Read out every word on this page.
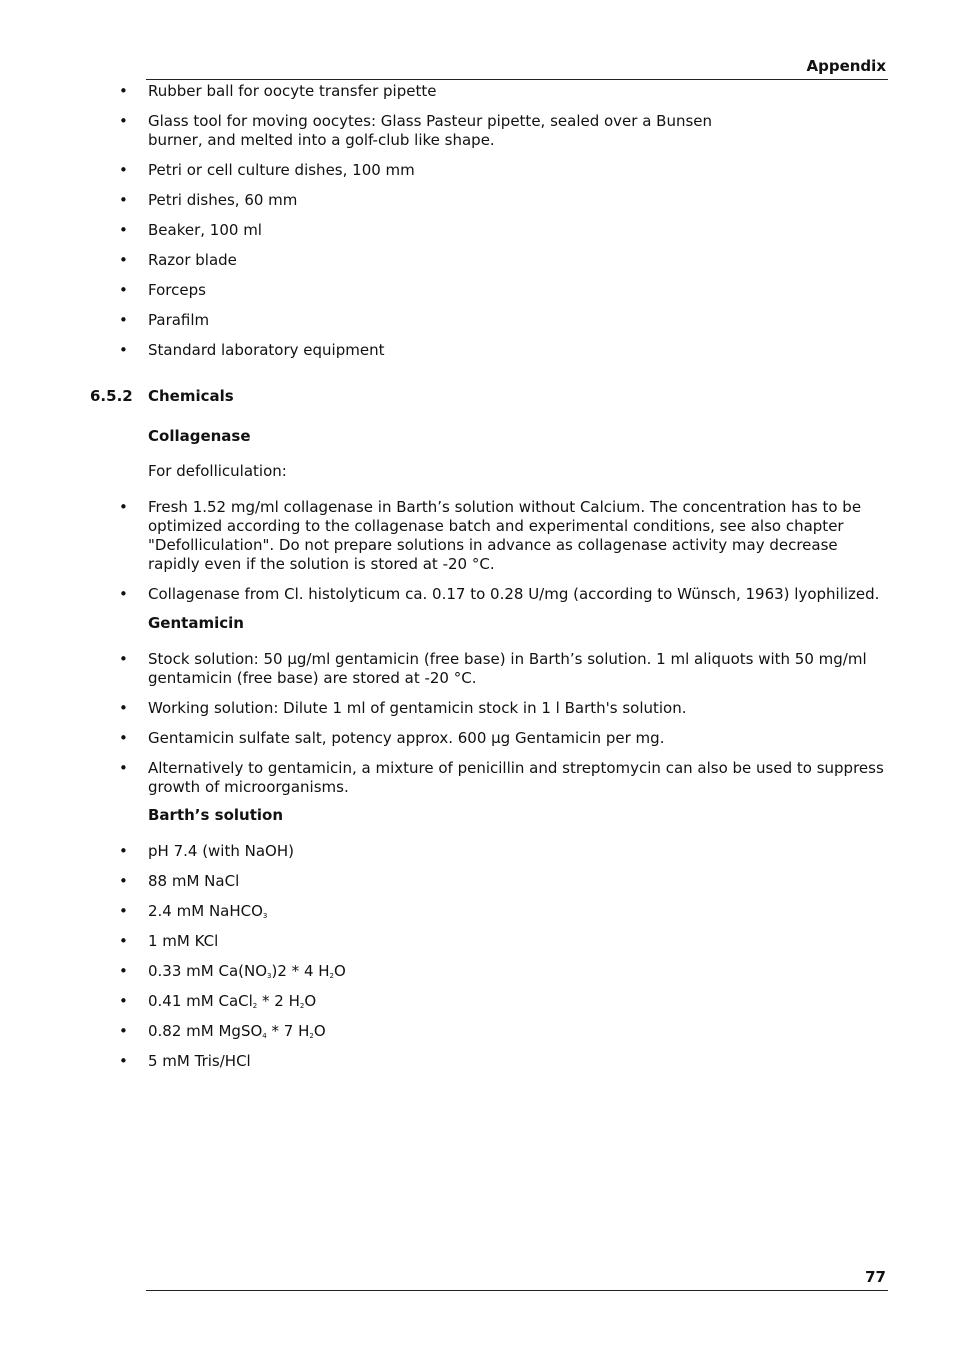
Appendix
• Rubber ball for oocyte transfer pipette
• Glass tool for moving oocytes: Glass Pasteur pipette, sealed over a Bunsen burner, and melted into a golf-club like shape.
• Petri or cell culture dishes, 100 mm
• Petri dishes, 60 mm
• Beaker, 100 ml
• Razor blade
• Forceps
• Parafilm
• Standard laboratory equipment
6.5.2 Chemicals
Collagenase
For defolliculation:
• Fresh 1.52 mg/ml collagenase in Barth’s solution without Calcium. The concentration has to be optimized according to the collagenase batch and experimental conditions, see also chapter "Defolliculation". Do not prepare solutions in advance as collagenase activity may decrease rapidly even if the solution is stored at -20 °C.
• Collagenase from Cl. histolyticum ca. 0.17 to 0.28 U/mg (according to Wünsch, 1963) lyophilized.
Gentamicin
• Stock solution: 50 µg/ml gentamicin (free base) in Barth’s solution. 1 ml aliquots with 50 mg/ml gentamicin (free base) are stored at -20 °C.
• Working solution: Dilute 1 ml of gentamicin stock in 1 l Barth's solution.
• Gentamicin sulfate salt, potency approx. 600 µg Gentamicin per mg.
• Alternatively to gentamicin, a mixture of penicillin and streptomycin can also be used to suppress growth of microorganisms.
Barth’s solution
• pH 7.4 (with NaOH)
• 88 mM NaCl
• 2.4 mM NaHCO$_3$
• 1 mM KCl
• 0.33 mM $Ca(NO_3)2 * 4$ $H_2O$
• 0.41 mM CaCl$_2$ * 2 $H_2O$
• 0.82 mM MgSO$_4$ * 7 $H_2O$
• 5 mM Tris/HCl
77
